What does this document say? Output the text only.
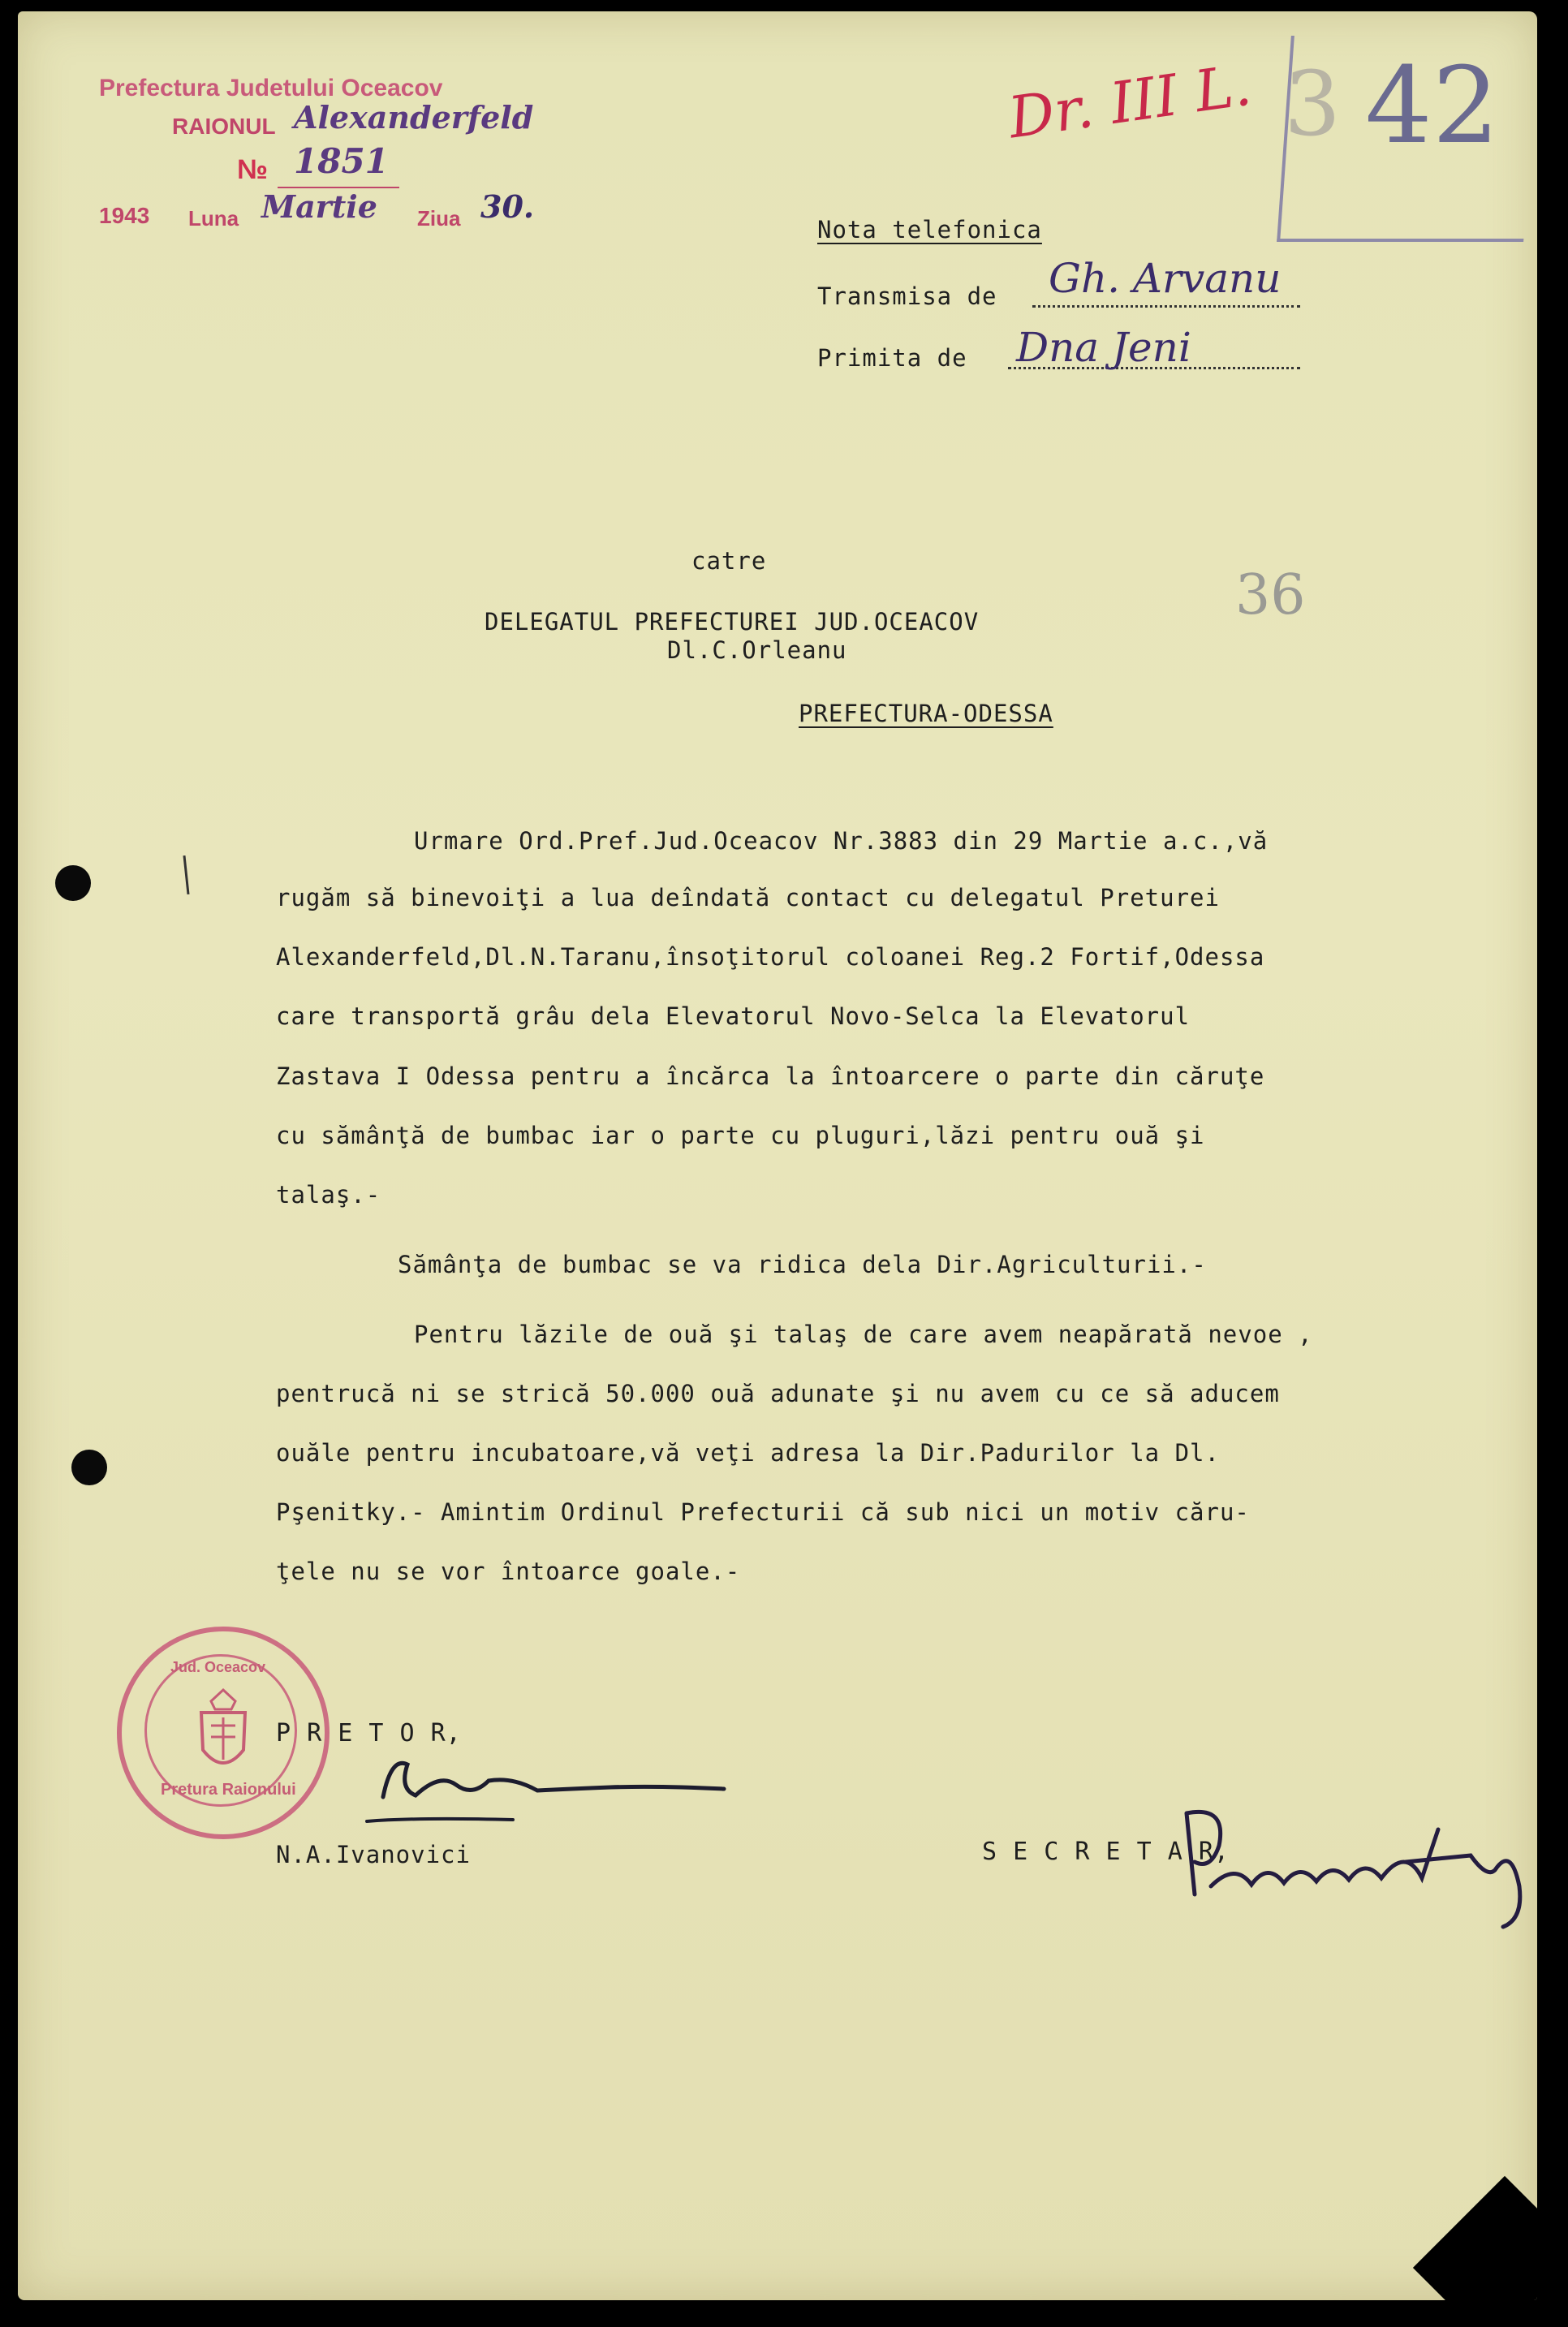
Prefectura Judetului Oceacov
RAIONUL Alexanderfeld
№ 1851
1943 Luna Martie Ziua 30.
Dr. III L. 3 42
36
Nota telefonica
Transmisa de Gh. Arvanu
Primita de Dna Jeni
catre
DELEGATUL PREFECTUREI JUD.OCEACOV
Dl.C.Orleanu
PREFECTURA-ODESSA
Urmare Ord.Pref.Jud.Oceacov Nr.3883 din 29 Martie a.c.,vă
rugăm să binevoiţi a lua deîndată contact cu delegatul Preturei
Alexanderfeld,Dl.N.Taranu,însoţitorul coloanei Reg.2 Fortif,Odessa
care transportă grâu dela Elevatorul Novo-Selca la Elevatorul
Zastava I Odessa pentru a încărca la întoarcere o parte din căruţe
cu sămânţă de bumbac iar o parte cu pluguri,lăzi pentru ouă şi
talaş.-
Sămânţa de bumbac se va ridica dela Dir.Agriculturii.-
Pentru lăzile de ouă şi talaş de care avem neapărată nevoe ,
pentrucă ni se strică 50.000 ouă adunate şi nu avem cu ce să aducem
ouăle pentru incubatoare,vă veţi adresa la Dir.Padurilor la Dl.
Pşenitky.- Amintim Ordinul Prefecturii că sub nici un motiv căru-
ţele nu se vor întoarce goale.-
Jud. Oceacov
Pretura Raionului
P R E T O R,
N.A.Ivanovici	S E C R E T A R,
